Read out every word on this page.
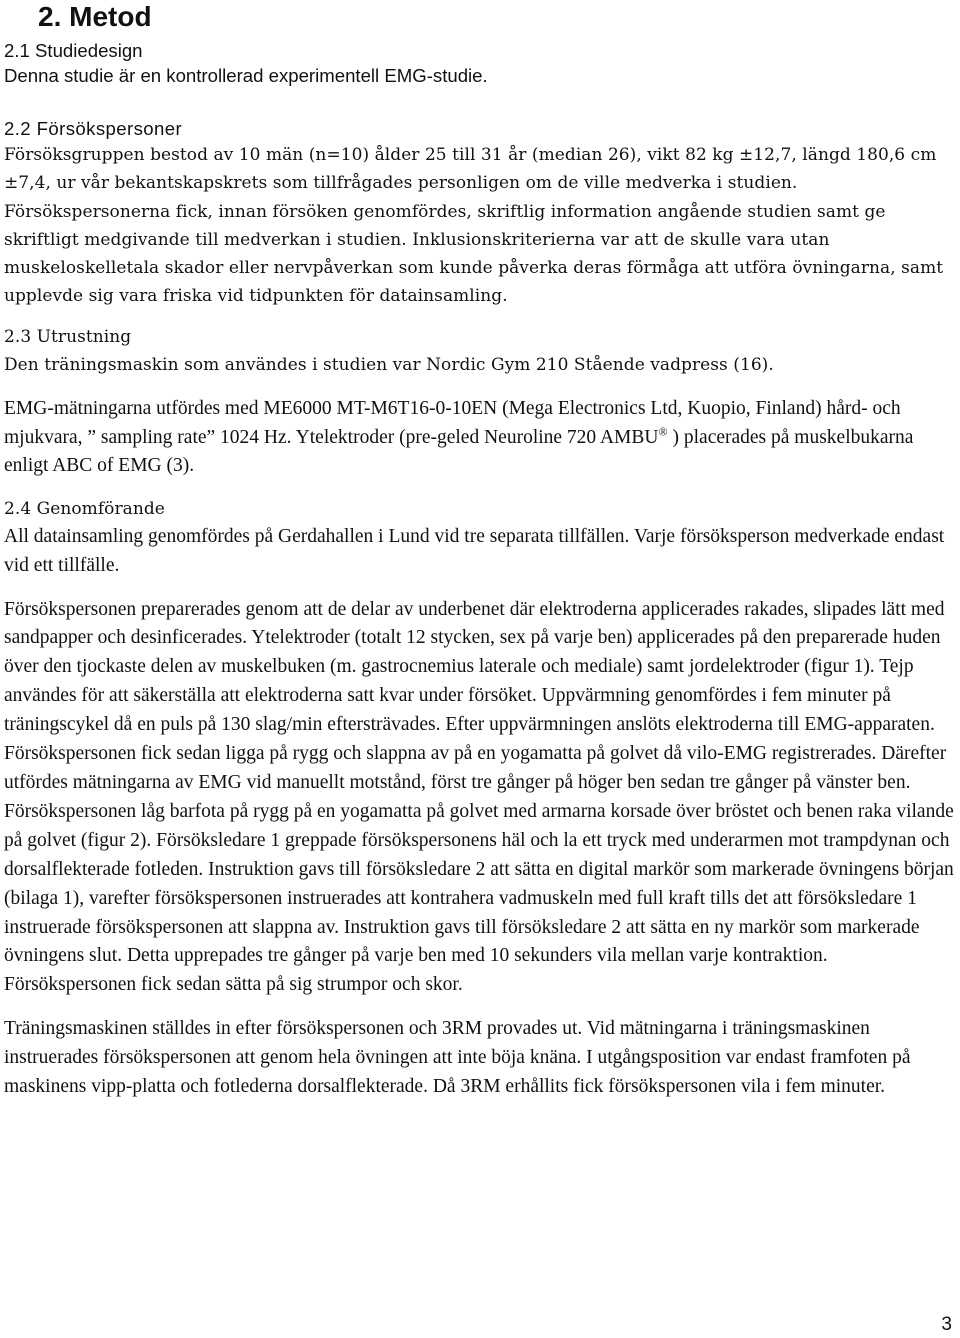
2. Metod
2.1 Studiedesign
Denna studie är en kontrollerad experimentell EMG-studie.
2.2 Försökspersoner

Försöksgruppen bestod av 10 män (n=10) ålder 25 till 31 år (median 26), vikt 82 kg ±12,7, längd 180,6 cm ±7,4, ur vår bekantskapskrets som tillfrågades personligen om de ville medverka i studien. Försökspersonerna fick, innan försöken genomfördes, skriftlig information angående studien samt ge skriftligt medgivande till medverkan i studien. Inklusionskriterierna var att de skulle vara utan muskeloskelletala skador eller nervpåverkan som kunde påverka deras förmåga att utföra övningarna, samt upplevde sig vara friska vid tidpunkten för datainsamling.

2.3 Utrustning

Den träningsmaskin som användes i studien var Nordic Gym 210 Stående vadpress (16).

EMG-mätningarna utfördes med ME6000 MT-M6T16-0-10EN (Mega Electronics Ltd, Kuopio, Finland) hård- och mjukvara, ” sampling rate” 1024 Hz. Ytelektroder (pre-geled Neuroline 720 AMBU® ) placerades på muskelbukarna enligt ABC of EMG (3).

2.4 Genomförande

All datainsamling genomfördes på Gerdahallen i Lund vid tre separata tillfällen. Varje försöksperson medverkade endast vid ett tillfälle.

Försökspersonen preparerades genom att de delar av underbenet där elektroderna applicerades rakades, slipades lätt med sandpapper och desinficerades. Ytelektroder (totalt 12 stycken, sex på varje ben) applicerades på den preparerade huden över den tjockaste delen av muskelbuken (m. gastrocnemius laterale och mediale) samt jordelektroder (figur 1). Tejp användes för att säkerställa att elektroderna satt kvar under försöket. Uppvärmning genomfördes i fem minuter på träningscykel då en puls på 130 slag/min eftersträvades. Efter uppvärmningen anslöts elektroderna till EMG-apparaten. Försökspersonen fick sedan ligga på rygg och slappna av på en yogamatta på golvet då vilo-EMG registrerades. Därefter utfördes mätningarna av EMG vid manuellt motstånd, först tre gånger på höger ben sedan tre gånger på vänster ben. Försökspersonen låg barfota på rygg på en yogamatta på golvet med armarna korsade över bröstet och benen raka vilande på golvet (figur 2). Försöksledare 1 greppade försökspersonens häl och la ett tryck med underarmen mot trampdynan och dorsalflekterade fotleden. Instruktion gavs till försöksledare 2 att sätta en digital markör som markerade övningens början (bilaga 1), varefter försökspersonen instruerades att kontrahera vadmuskeln med full kraft tills det att försöksledare 1 instruerade försökspersonen att slappna av. Instruktion gavs till försöksledare 2 att sätta en ny markör som markerade övningens slut. Detta upprepades tre gånger på varje ben med 10 sekunders vila mellan varje kontraktion. Försökspersonen fick sedan sätta på sig strumpor och skor.

Träningsmaskinen ställdes in efter försökspersonen och 3RM provades ut. Vid mätningarna i träningsmaskinen instruerades försökspersonen att genom hela övningen att inte böja knäna. I utgångsposition var endast framfoten på maskinens vipp-platta och fotlederna dorsalflekterade. Då 3RM erhållits fick försökspersonen vila i fem minuter.

3
